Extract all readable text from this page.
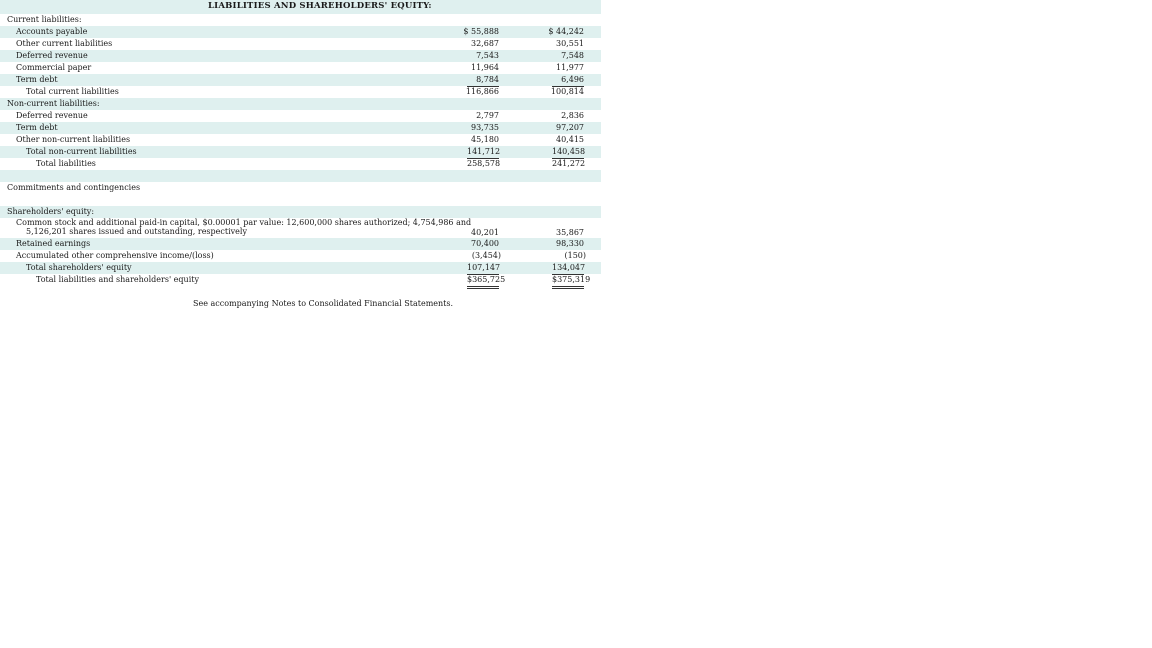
LIABILITIES AND SHAREHOLDERS' EQUITY:
Current liabilities:
Accounts payable	$ 55,888	$ 44,242
Other current liabilities	32,687	30,551
Deferred revenue	7,543	7,548
Commercial paper	11,964	11,977
Term debt	8,784	6,496
Total current liabilities	116,866	100,814
Non-current liabilities:
Deferred revenue	2,797	2,836
Term debt	93,735	97,207
Other non-current liabilities	45,180	40,415
Total non-current liabilities	141,712	140,458
Total liabilities	258,578	241,272
Commitments and contingencies
Shareholders' equity:
Common stock and additional paid-in capital, $0.00001 par value: 12,600,000 shares authorized; 4,754,986 and
5,126,201 shares issued and outstanding, respectively	40,201	35,867
Retained earnings	70,400	98,330
Accumulated other comprehensive income/(loss)	(3,454)	(150)
Total shareholders' equity	107,147	134,047
Total liabilities and shareholders' equity	$365,725	$375,319
See accompanying Notes to Consolidated Financial Statements.
